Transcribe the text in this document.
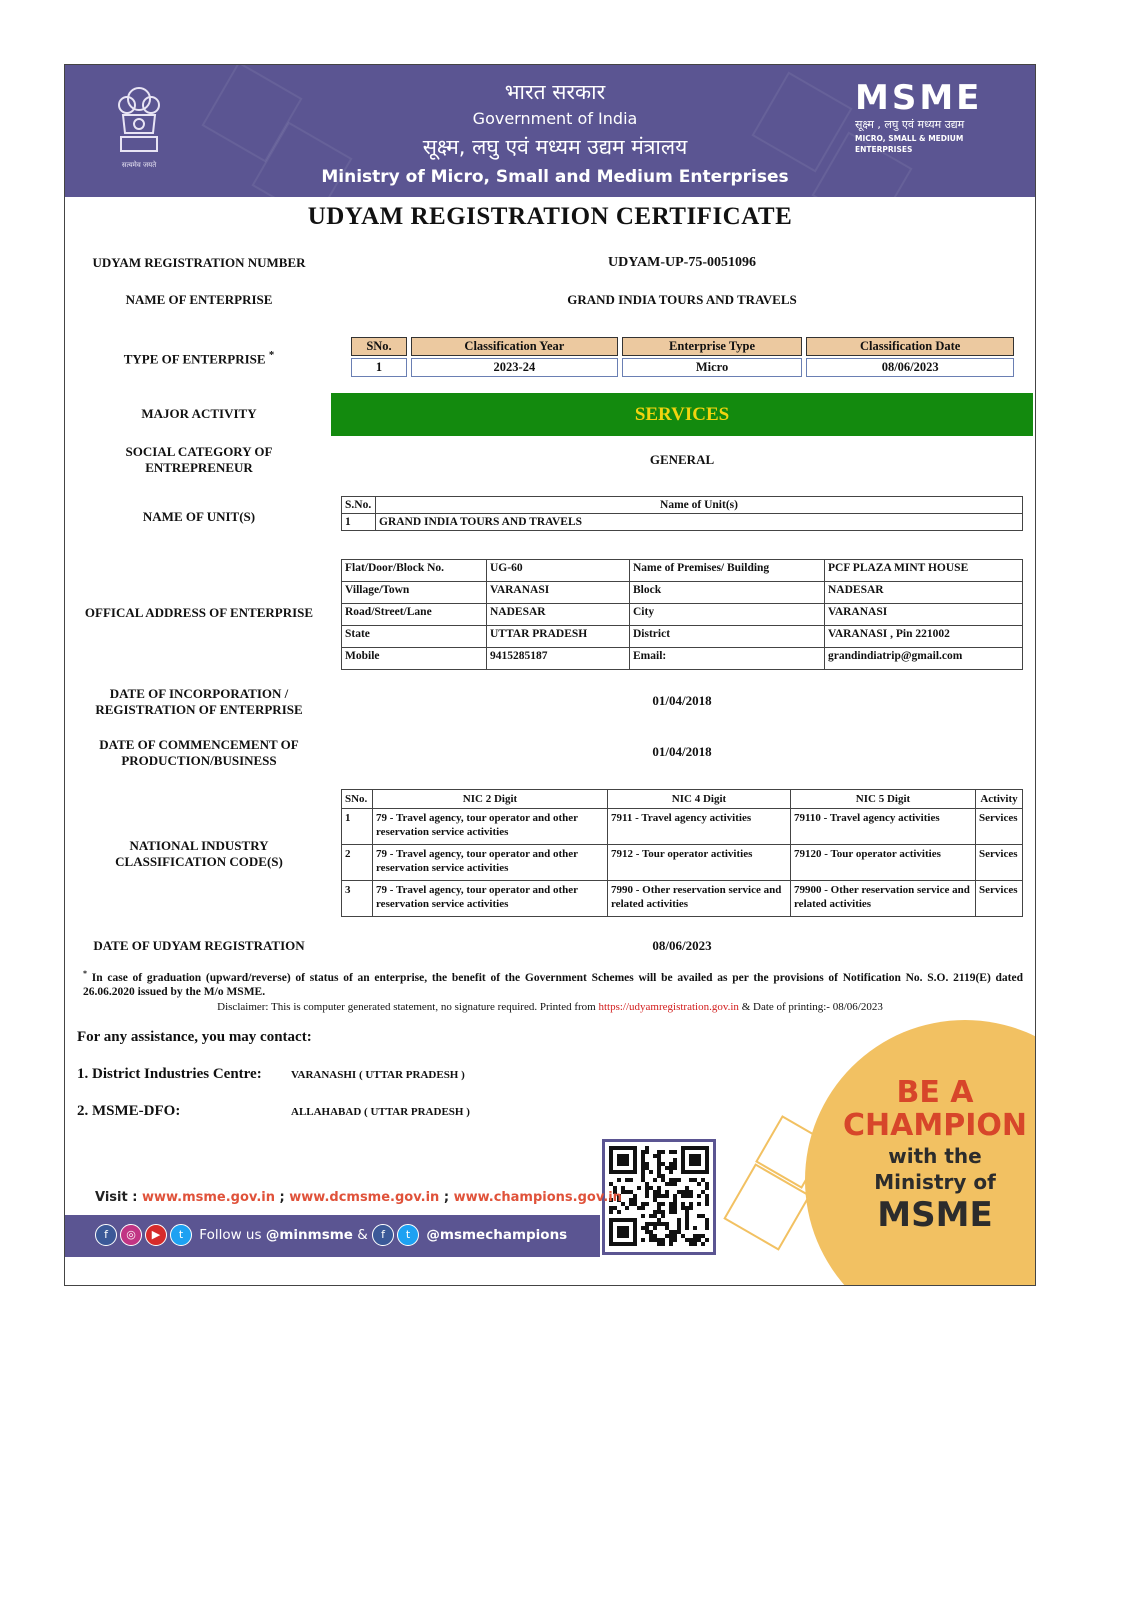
सत्यमेव जयते
भारत सरकार
Government of India
सूक्ष्म, लघु एवं मध्यम उद्यम मंत्रालय
Ministry of Micro, Small and Medium Enterprises
MSME
सूक्ष्म , लघु एवं मध्यम उद्यम
MICRO, SMALL & MEDIUM ENTERPRISES
UDYAM REGISTRATION CERTIFICATE
UDYAM REGISTRATION NUMBER	UDYAM-UP-75-0051096
NAME OF ENTERPRISE	GRAND INDIA TOURS AND TRAVELS
TYPE OF ENTERPRISE *
SNo.	Classification Year	Enterprise Type	Classification Date
1	2023-24	Micro	08/06/2023
MAJOR ACTIVITY	SERVICES
SOCIAL CATEGORY OF ENTREPRENEUR
GENERAL
NAME OF UNIT(S)
S.No.	Name of Unit(s)
1	GRAND INDIA TOURS AND TRAVELS
OFFICAL ADDRESS OF ENTERPRISE
Flat/Door/Block No.	UG-60	Name of Premises/ Building	PCF PLAZA MINT HOUSE
Village/Town	VARANASI	Block	NADESAR
Road/Street/Lane	NADESAR	City	VARANASI
State	UTTAR PRADESH	District	VARANASI , Pin 221002
Mobile	9415285187	Email:	grandindiatrip@gmail.com
DATE OF INCORPORATION / REGISTRATION OF ENTERPRISE
01/04/2018
DATE OF COMMENCEMENT OF PRODUCTION/BUSINESS
01/04/2018
NATIONAL INDUSTRY CLASSIFICATION CODE(S)
SNo.	NIC 2 Digit	NIC 4 Digit	NIC 5 Digit	Activity
1	79 - Travel agency, tour operator and other reservation service activities	7911 - Travel agency activities	79110 - Travel agency activities	Services
2	79 - Travel agency, tour operator and other reservation service activities	7912 - Tour operator activities	79120 - Tour operator activities	Services
3	79 - Travel agency, tour operator and other reservation service activities	7990 - Other reservation service and related activities	79900 - Other reservation service and related activities	Services
DATE OF UDYAM REGISTRATION	08/06/2023
* In case of graduation (upward/reverse) of status of an enterprise, the benefit of the Government Schemes will be availed as per the provisions of Notification No. S.O. 2119(E) dated 26.06.2020 issued by the M/o MSME.
Disclaimer: This is computer generated statement, no signature required. Printed from https://udyamregistration.gov.in & Date of printing:- 08/06/2023
For any assistance, you may contact:
1. District Industries Centre:	VARANASHI ( UTTAR PRADESH )
2. MSME-DFO:	ALLAHABAD ( UTTAR PRADESH )
BE A
CHAMPION
with the
Ministry of
MSME
Visit : www.msme.gov.in ; www.dcmsme.gov.in ; www.champions.gov.in
f ◎ ▶ t Follow us @minmsme & f t @msmechampions
